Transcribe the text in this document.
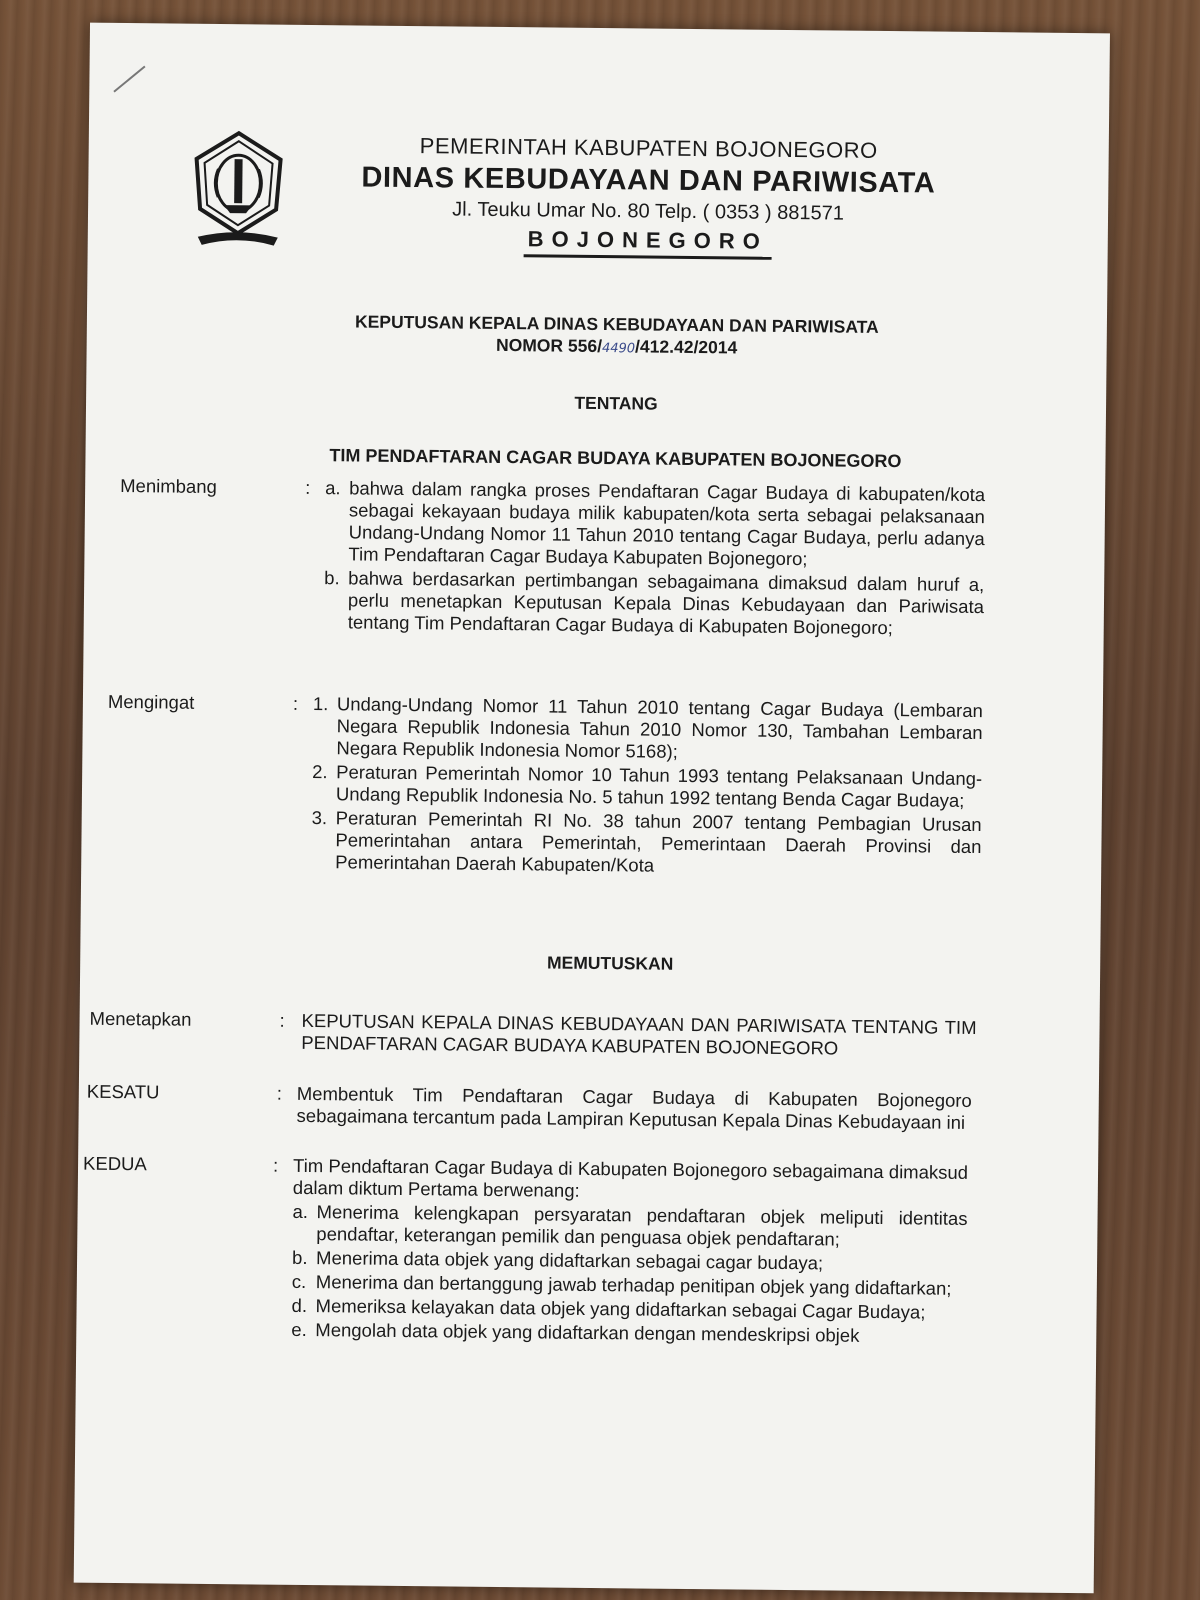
PEMERINTAH KABUPATEN BOJONEGORO
DINAS KEBUDAYAAN DAN PARIWISATA
Jl. Teuku Umar No. 80 Telp. ( 0353 ) 881571
BOJONEGORO
KEPUTUSAN KEPALA DINAS KEBUDAYAAN DAN PARIWISATA
NOMOR 556/4490/412.42/2014
TENTANG
TIM PENDAFTARAN CAGAR BUDAYA KABUPATEN BOJONEGORO
Menimbang	: a. bahwa dalam rangka proses Pendaftaran Cagar Budaya di kabupaten/kota sebagai kekayaan budaya milik kabupaten/kota serta sebagai pelaksanaan Undang-Undang Nomor 11 Tahun 2010 tentang Cagar Budaya, perlu adanya Tim Pendaftaran Cagar Budaya Kabupaten Bojonegoro;
b. bahwa berdasarkan pertimbangan sebagaimana dimaksud dalam huruf a, perlu menetapkan Keputusan Kepala Dinas Kebudayaan dan Pariwisata tentang Tim Pendaftaran Cagar Budaya di Kabupaten Bojonegoro;
Mengingat	: 1. Undang-Undang Nomor 11 Tahun 2010 tentang Cagar Budaya (Lembaran Negara Republik Indonesia Tahun 2010 Nomor 130, Tambahan Lembaran Negara Republik Indonesia Nomor 5168);
2. Peraturan Pemerintah Nomor 10 Tahun 1993 tentang Pelaksanaan Undang-Undang Republik Indonesia No. 5 tahun 1992 tentang Benda Cagar Budaya;
3. Peraturan Pemerintah RI No. 38 tahun 2007 tentang Pembagian Urusan Pemerintahan antara Pemerintah, Pemerintaan Daerah Provinsi dan Pemerintahan Daerah Kabupaten/Kota
MEMUTUSKAN
Menetapkan	: KEPUTUSAN KEPALA DINAS KEBUDAYAAN DAN PARIWISATA TENTANG TIM PENDAFTARAN CAGAR BUDAYA KABUPATEN BOJONEGORO
KESATU	: Membentuk Tim Pendaftaran Cagar Budaya di Kabupaten Bojonegoro sebagaimana tercantum pada Lampiran Keputusan Kepala Dinas Kebudayaan ini
KEDUA	: Tim Pendaftaran Cagar Budaya di Kabupaten Bojonegoro sebagaimana dimaksud dalam diktum Pertama berwenang:
a. Menerima kelengkapan persyaratan pendaftaran objek meliputi identitas pendaftar, keterangan pemilik dan penguasa objek pendaftaran;
b. Menerima data objek yang didaftarkan sebagai cagar budaya;
c. Menerima dan bertanggung jawab terhadap penitipan objek yang didaftarkan;
d. Memeriksa kelayakan data objek yang didaftarkan sebagai Cagar Budaya;
e. Mengolah data objek yang didaftarkan dengan mendeskripsi objek
